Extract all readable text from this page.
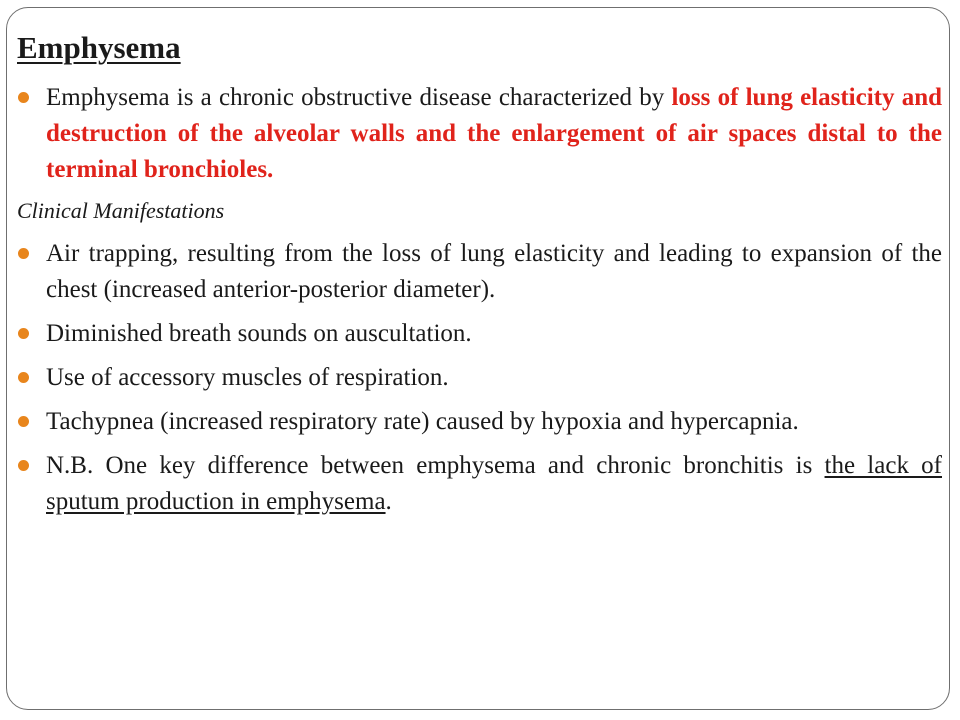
Emphysema
Emphysema is a chronic obstructive disease characterized by loss of lung elasticity and destruction of the alveolar walls and the enlargement of air spaces distal to the terminal bronchioles.
Clinical Manifestations
Air trapping, resulting from the loss of lung elasticity and leading to expansion of the chest (increased anterior-posterior diameter).
Diminished breath sounds on auscultation.
Use of accessory muscles of respiration.
Tachypnea (increased respiratory rate) caused by hypoxia and hypercapnia.
N.B. One key difference between emphysema and chronic bronchitis is the lack of sputum production in emphysema.
